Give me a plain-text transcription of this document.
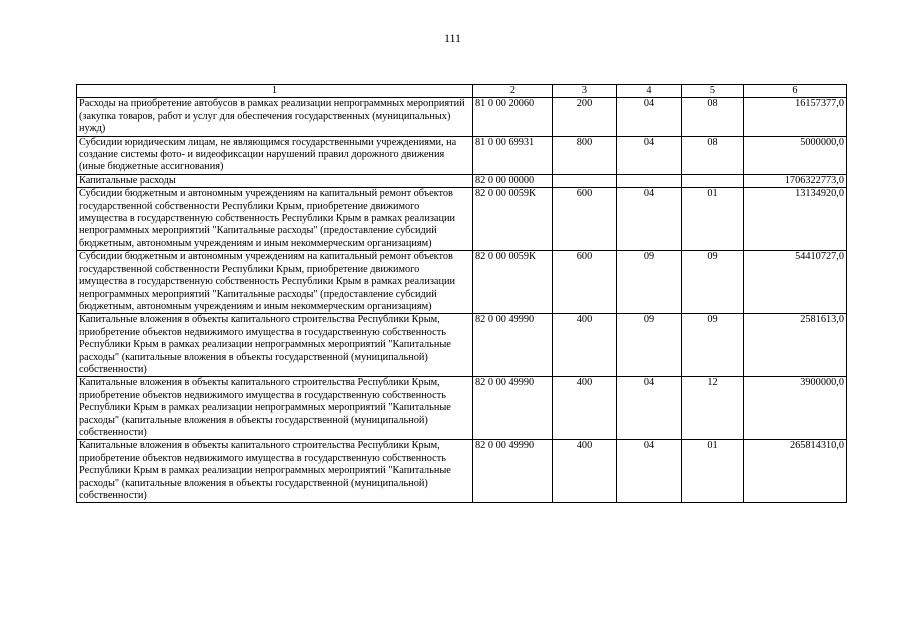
111
1	2	3	4	5	6
Расходы на приобретение автобусов в рамках реализации непрограммных мероприятий (закупка товаров, работ и услуг для обеспечения государственных (муниципальных) нужд)	81 0 00 20060	200	04	08	16157377,0
Субсидии юридическим лицам, не являющимся государственными учреждениями, на создание системы фото- и видеофиксации нарушений правил дорожного движения (иные бюджетные ассигнования)	81 0 00 69931	800	04	08	5000000,0
Капитальные расходы	82 0 00 00000				1706322773,0
Субсидии бюджетным и автономным учреждениям на капитальный ремонт объектов государственной собственности Республики Крым, приобретение движимого имущества в государственную собственность Республики Крым в рамках реализации непрограммных мероприятий "Капитальные расходы" (предоставление субсидий бюджетным, автономным учреждениям и иным некоммерческим организациям)	82 0 00 0059К	600	04	01	13134920,0
Субсидии бюджетным и автономным учреждениям на капитальный ремонт объектов государственной собственности Республики Крым, приобретение движимого имущества в государственную собственность Республики Крым в рамках реализации непрограммных мероприятий "Капитальные расходы" (предоставление субсидий бюджетным, автономным учреждениям и иным некоммерческим организациям)	82 0 00 0059К	600	09	09	54410727,0
Капитальные вложения в объекты капитального строительства Республики Крым, приобретение объектов недвижимого имущества в государственную собственность Республики Крым в рамках реализации непрограммных мероприятий "Капитальные расходы" (капитальные вложения в объекты государственной (муниципальной) собственности)	82 0 00 49990	400	09	09	2581613,0
Капитальные вложения в объекты капитального строительства Республики Крым, приобретение объектов недвижимого имущества в государственную собственность Республики Крым в рамках реализации непрограммных мероприятий "Капитальные расходы" (капитальные вложения в объекты государственной (муниципальной) собственности)	82 0 00 49990	400	04	12	3900000,0
Капитальные вложения в объекты капитального строительства Республики Крым, приобретение объектов недвижимого имущества в государственную собственность Республики Крым в рамках реализации непрограммных мероприятий "Капитальные расходы" (капитальные вложения в объекты государственной (муниципальной) собственности)	82 0 00 49990	400	04	01	265814310,0
